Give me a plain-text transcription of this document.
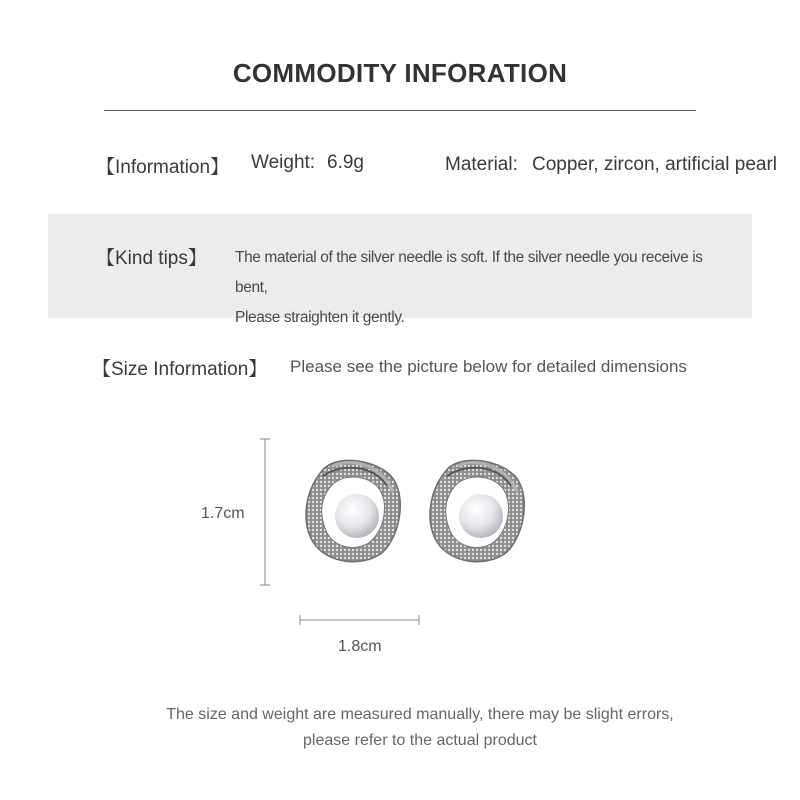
COMMODITY INFORATION
【Information】 Weight: 6.9g	Material: Copper, zircon, artificial pearl
【Kind tips】 The material of the silver needle is soft. If the silver needle you receive is bent,
Please straighten it gently.
【Size Information】 Please see the picture below for detailed dimensions
1.7cm
1.8cm
The size and weight are measured manually, there may be slight errors,
please refer to the actual product
